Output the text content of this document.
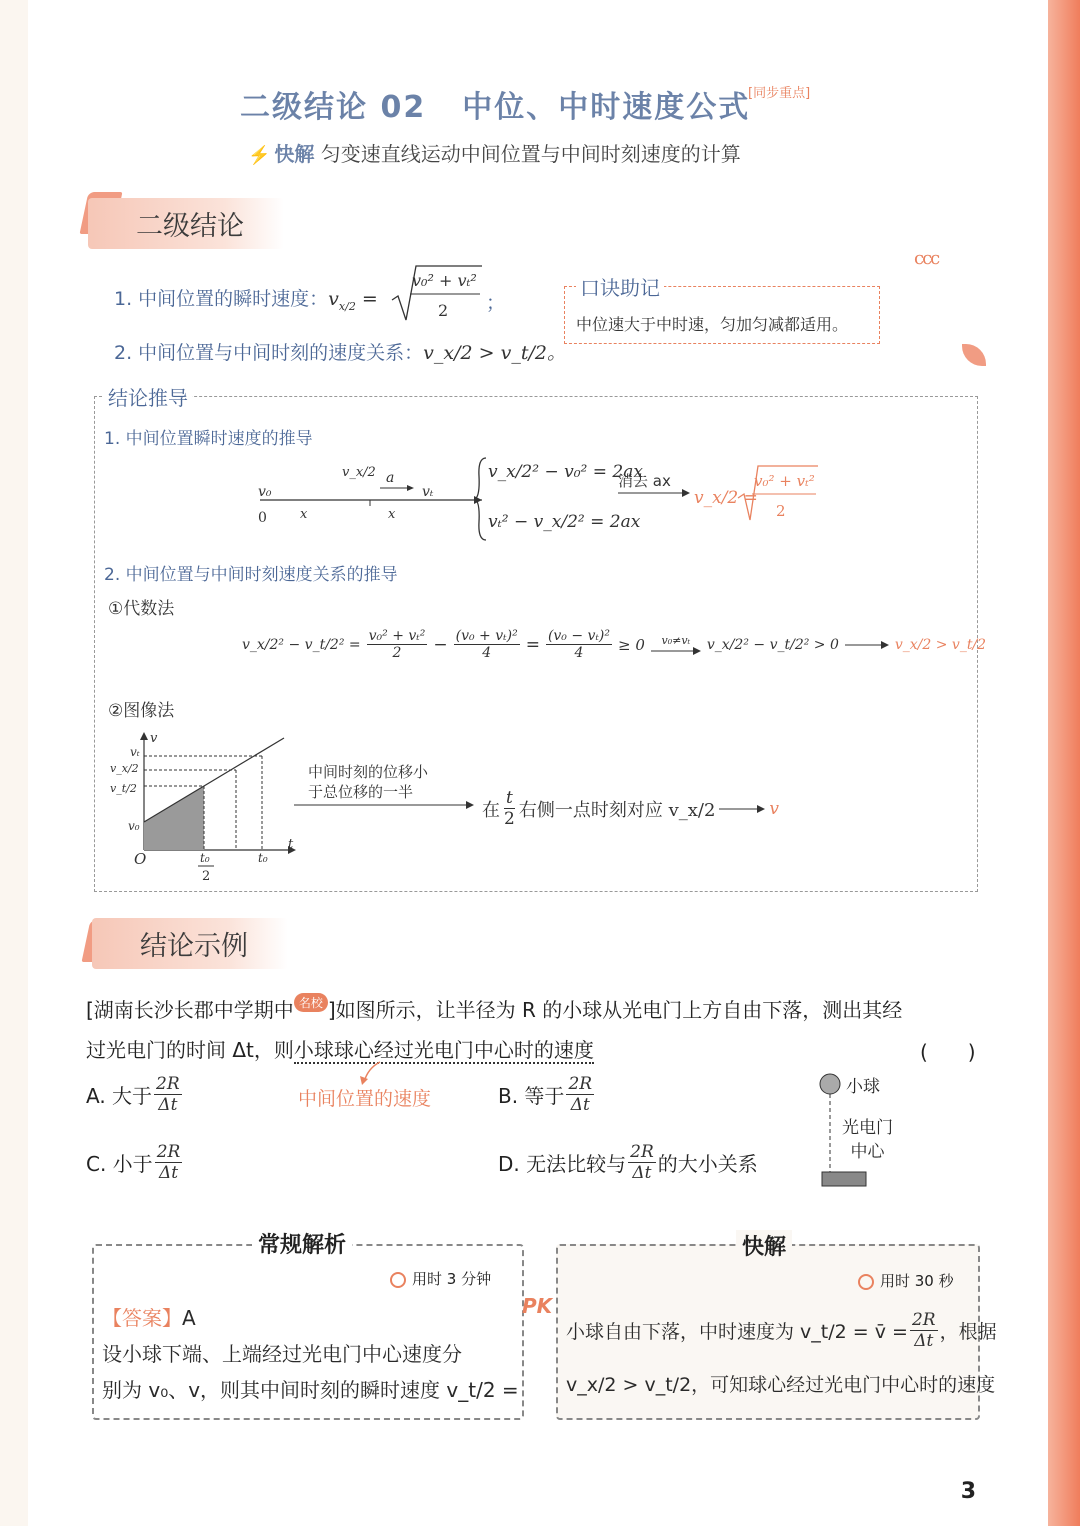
二级结论 02 中位、中时速度公式
[同步重点]
⚡ 快解 匀变速直线运动中间位置与中间时刻速度的计算
二级结论
1. 中间位置的瞬时速度：$v_{x/2}$ =
v₀² + vₜ²
2 ；
2. 中间位置与中间时刻的速度关系：v_x/2 > v_t/2。
ccc
口诀助记
中位速大于中时速，匀加匀减都适用。
结论推导
1. 中间位置瞬时速度的推导
v₀
v_x/2 a
vₜ
0	x	x
v_x/2² − v₀² = 2ax
vₜ² − v_x/2² = 2ax
消去 ax
v_x/2 =
v₀² + vₜ²
2
2. 中间位置与中间时刻速度关系的推导
①代数法
v_x/2² − v_t/2² = $\frac{\text{v₀² + vₜ²}}{2} - \frac{\text{(v₀ + vₜ)²}}{4} = \frac{\text{(v₀ − vₜ)²}}{4} \ge 0$ v₀≠vₜ v_x/2² − v_t/2² > 0	v_x/2 > v_t/2
②图像法
v
t
O
vₜ
v_x/2
v_t/2
v₀
t₀
2
t₀
中间时刻的位移小
于总位移的一半
在 $\frac{t}{2}$ 右侧一点时刻对应 v_x/2	v
结论示例
[湖南长沙长郡中学期中 名校 ]如图所示，让半径为 R 的小球从光电门上方自由下落，测出其经
过光电门的时间 Δt，则小球球心经过光电门中心时的速度	(　　)
中间位置的速度
A. 大于 $\frac{2R}{\Delta t}$	B. 等于 $\frac{2R}{\Delta t}$
C. 小于 $\frac{2R}{\Delta t}$	D. 无法比较与 $\frac{2R}{\Delta t}$ 的大小关系
小球
光电门
中心
常规解析
用时 3 分钟
【答案】A
设小球下端、上端经过光电门中心速度分
别为 v₀、v，则其中间时刻的瞬时速度 v_t/2 =
PK
快解
用时 30 秒
小球自由下落，中时速度为 v_t/2 = v̄ = $\frac{2R}{\Delta t}$ ，根据
v_x/2 > v_t/2，可知球心经过光电门中心时的速度
3
